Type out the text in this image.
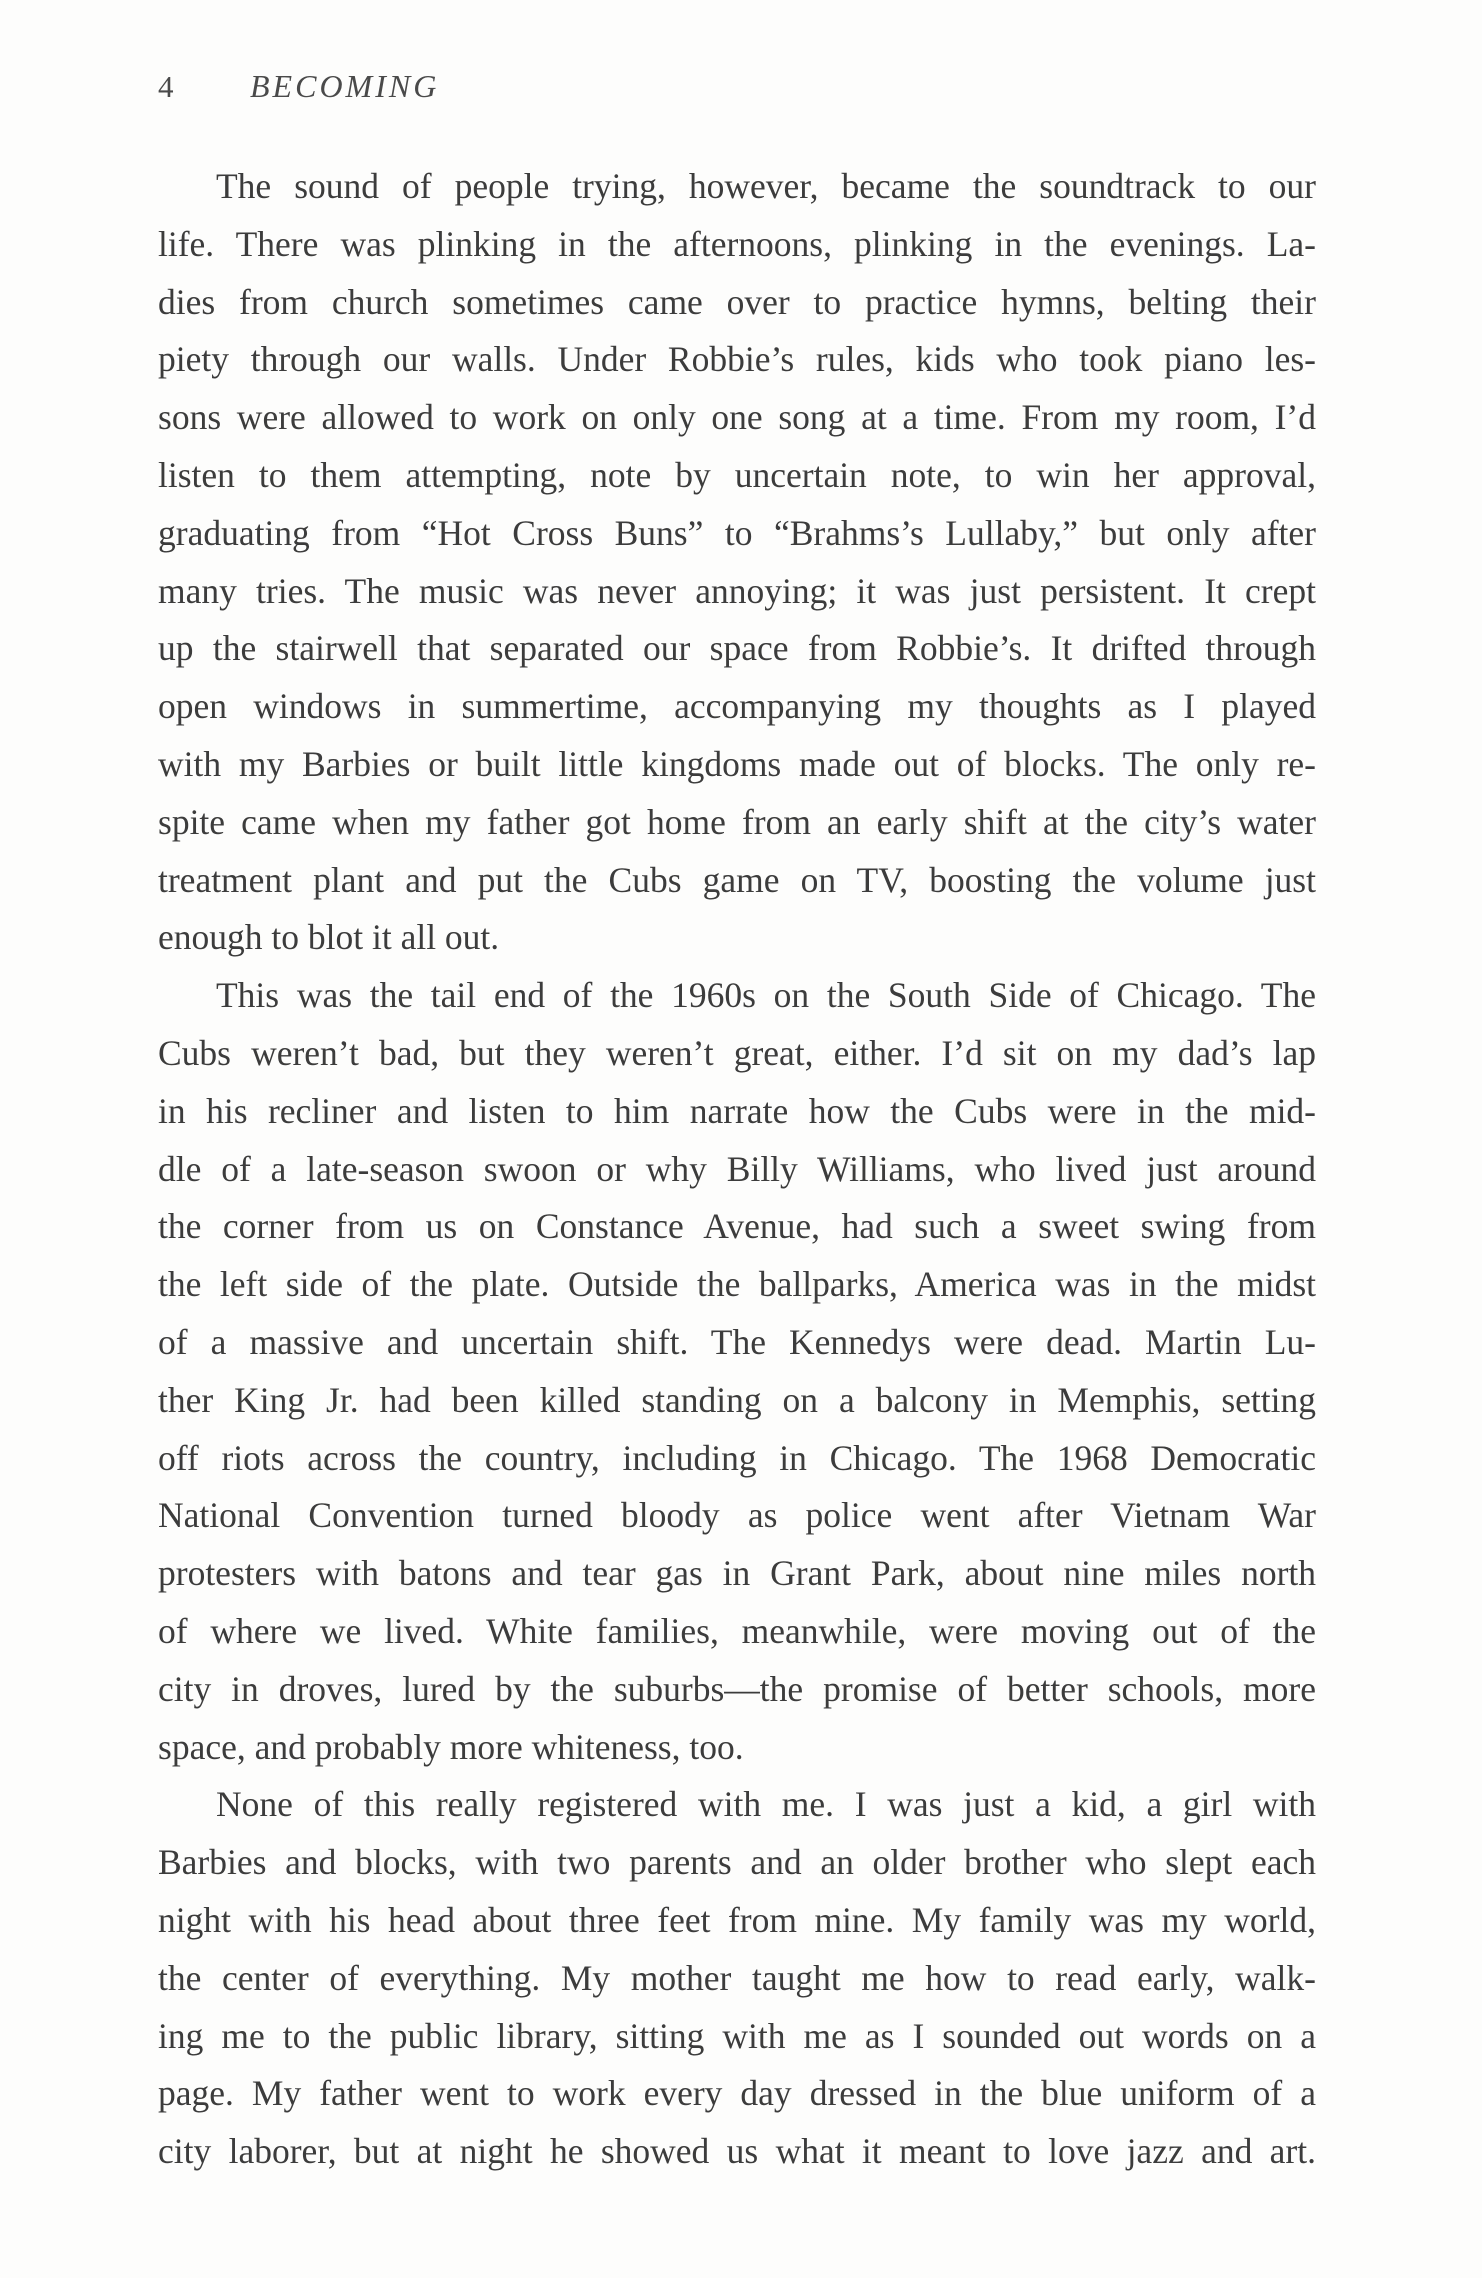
4	BECOMING
The sound of people trying, however, became the soundtrack to our
life. There was plinking in the afternoons, plinking in the evenings. La-
dies from church sometimes came over to practice hymns, belting their
piety through our walls. Under Robbie’s rules, kids who took piano les-
sons were allowed to work on only one song at a time. From my room, I’d
listen to them attempting, note by uncertain note, to win her approval,
graduating from “Hot Cross Buns” to “Brahms’s Lullaby,” but only after
many tries. The music was never annoying; it was just persistent. It crept
up the stairwell that separated our space from Robbie’s. It drifted through
open windows in summertime, accompanying my thoughts as I played
with my Barbies or built little kingdoms made out of blocks. The only re-
spite came when my father got home from an early shift at the city’s water
treatment plant and put the Cubs game on TV, boosting the volume just
enough to blot it all out.
This was the tail end of the 1960s on the South Side of Chicago. The
Cubs weren’t bad, but they weren’t great, either. I’d sit on my dad’s lap
in his recliner and listen to him narrate how the Cubs were in the mid-
dle of a late-season swoon or why Billy Williams, who lived just around
the corner from us on Constance Avenue, had such a sweet swing from
the left side of the plate. Outside the ballparks, America was in the midst
of a massive and uncertain shift. The Kennedys were dead. Martin Lu-
ther King Jr. had been killed standing on a balcony in Memphis, setting
off riots across the country, including in Chicago. The 1968 Democratic
National Convention turned bloody as police went after Vietnam War
protesters with batons and tear gas in Grant Park, about nine miles north
of where we lived. White families, meanwhile, were moving out of the
city in droves, lured by the suburbs—the promise of better schools, more
space, and probably more whiteness, too.
None of this really registered with me. I was just a kid, a girl with
Barbies and blocks, with two parents and an older brother who slept each
night with his head about three feet from mine. My family was my world,
the center of everything. My mother taught me how to read early, walk-
ing me to the public library, sitting with me as I sounded out words on a
page. My father went to work every day dressed in the blue uniform of a
city laborer, but at night he showed us what it meant to love jazz and art.
